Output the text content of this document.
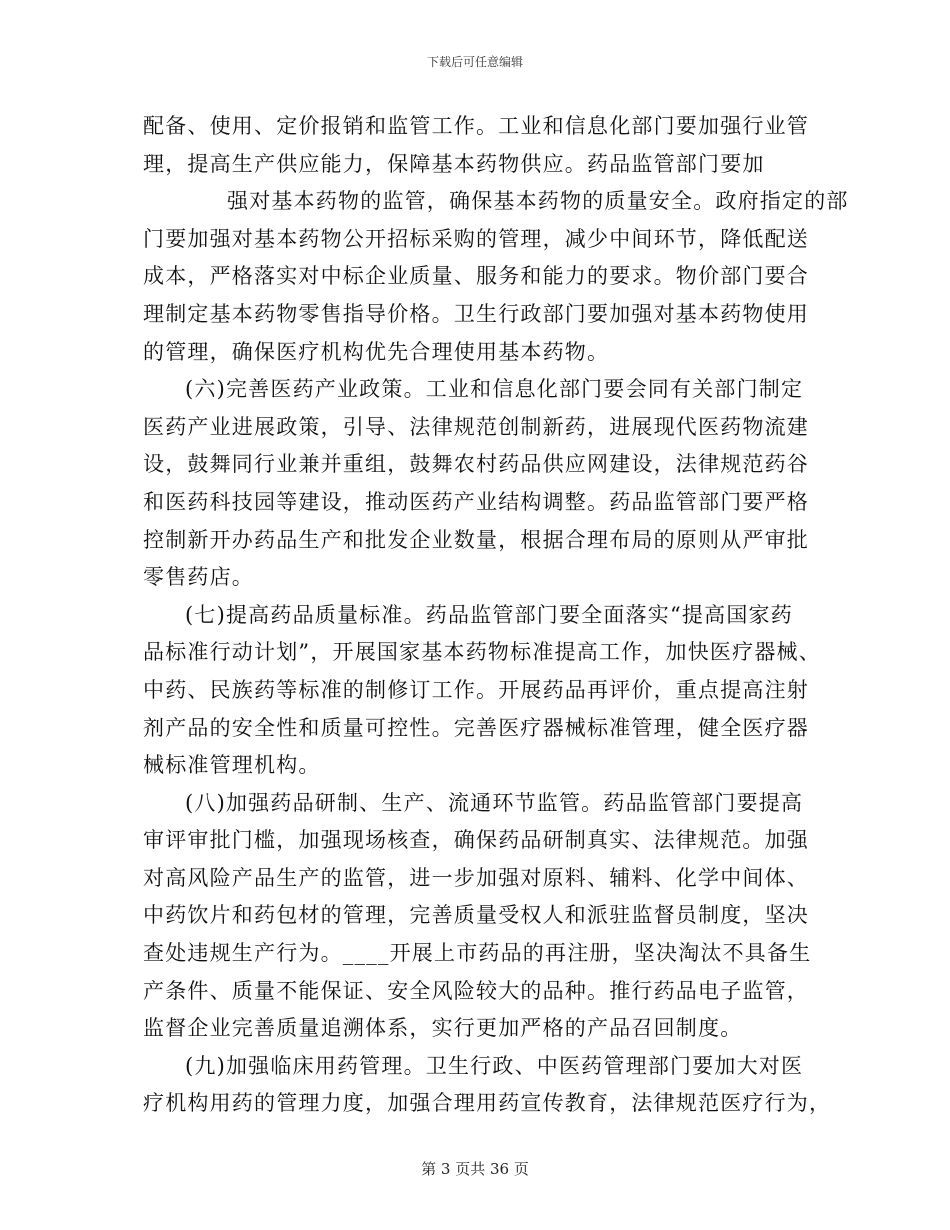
下载后可任意编辑
配备、使用、定价报销和监管工作。工业和信息化部门要加强行业管
理，提高生产供应能力，保障基本药物供应。药品监管部门要加
强对基本药物的监管，确保基本药物的质量安全。政府指定的部
门要加强对基本药物公开招标采购的管理，减少中间环节，降低配送
成本，严格落实对中标企业质量、服务和能力的要求。物价部门要合
理制定基本药物零售指导价格。卫生行政部门要加强对基本药物使用
的管理，确保医疗机构优先合理使用基本药物。
(六)完善医药产业政策。工业和信息化部门要会同有关部门制定
医药产业进展政策，引导、法律规范创制新药，进展现代医药物流建
设，鼓舞同行业兼并重组，鼓舞农村药品供应网建设，法律规范药谷
和医药科技园等建设，推动医药产业结构调整。药品监管部门要严格
控制新开办药品生产和批发企业数量，根据合理布局的原则从严审批
零售药店。
(七)提高药品质量标准。药品监管部门要全面落实“提高国家药
品标准行动计划”，开展国家基本药物标准提高工作，加快医疗器械、
中药、民族药等标准的制修订工作。开展药品再评价，重点提高注射
剂产品的安全性和质量可控性。完善医疗器械标准管理，健全医疗器
械标准管理机构。
(八)加强药品研制、生产、流通环节监管。药品监管部门要提高
审评审批门槛，加强现场核查，确保药品研制真实、法律规范。加强
对高风险产品生产的监管，进一步加强对原料、辅料、化学中间体、
中药饮片和药包材的管理，完善质量受权人和派驻监督员制度，坚决
查处违规生产行为。____开展上市药品的再注册，坚决淘汰不具备生
产条件、质量不能保证、安全风险较大的品种。推行药品电子监管，
监督企业完善质量追溯体系，实行更加严格的产品召回制度。
(九)加强临床用药管理。卫生行政、中医药管理部门要加大对医
疗机构用药的管理力度，加强合理用药宣传教育，法律规范医疗行为，
第 3 页共 36 页
